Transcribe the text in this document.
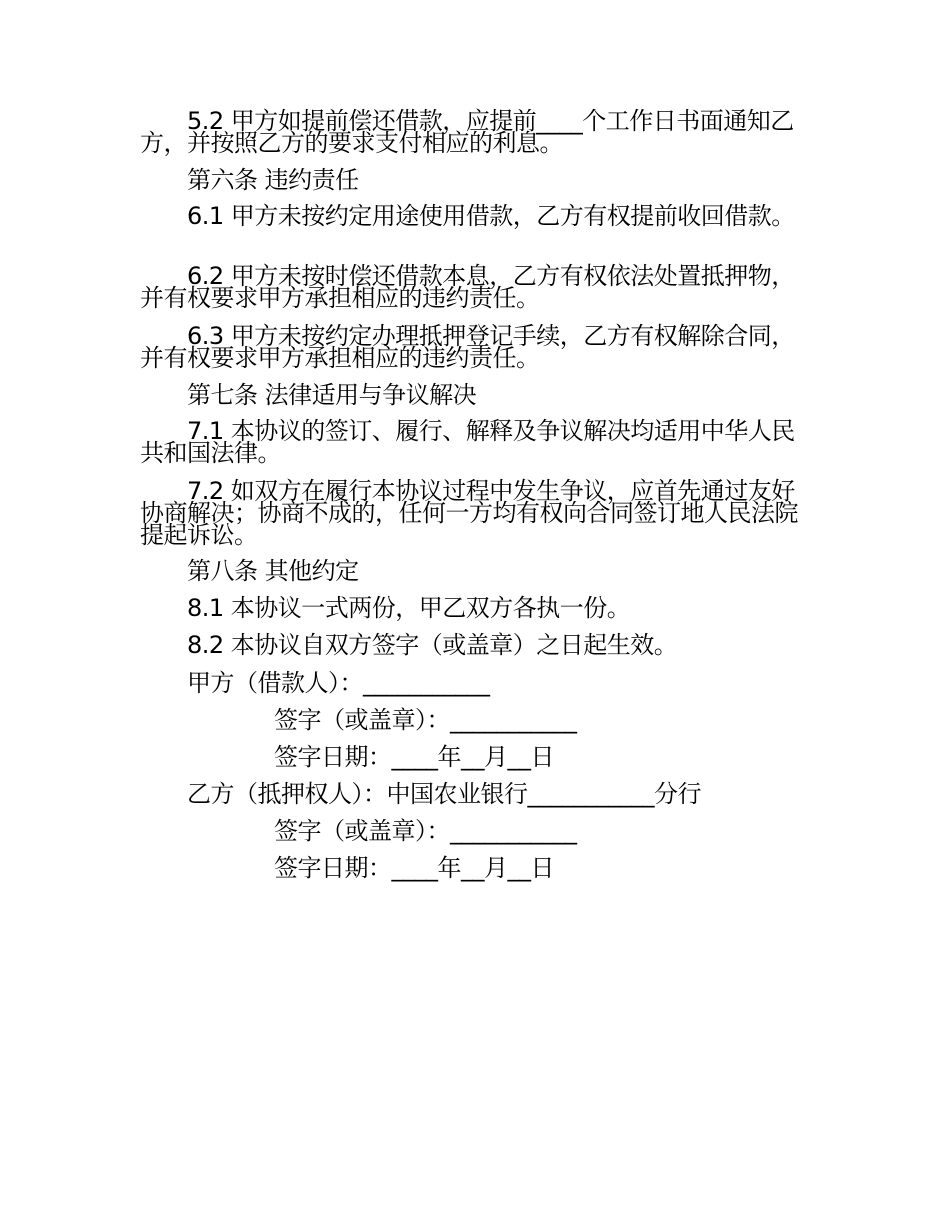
5.2 甲方如提前偿还借款，应提前____个工作日书面通知乙方，并按照乙方的要求支付相应的利息。
第六条 违约责任
6.1 甲方未按约定用途使用借款，乙方有权提前收回借款。
6.2 甲方未按时偿还借款本息，乙方有权依法处置抵押物，并有权要求甲方承担相应的违约责任。
6.3 甲方未按约定办理抵押登记手续，乙方有权解除合同，并有权要求甲方承担相应的违约责任。
第七条 法律适用与争议解决
7.1 本协议的签订、履行、解释及争议解决均适用中华人民共和国法律。
7.2 如双方在履行本协议过程中发生争议，应首先通过友好协商解决；协商不成的，任何一方均有权向合同签订地人民法院提起诉讼。
第八条 其他约定
8.1 本协议一式两份，甲乙双方各执一份。
8.2 本协议自双方签字（或盖章）之日起生效。
甲方（借款人）：___________
签字（或盖章）：___________
签字日期：____年__月__日
乙方（抵押权人）：中国农业银行___________分行
签字（或盖章）：___________
签字日期：____年__月__日
